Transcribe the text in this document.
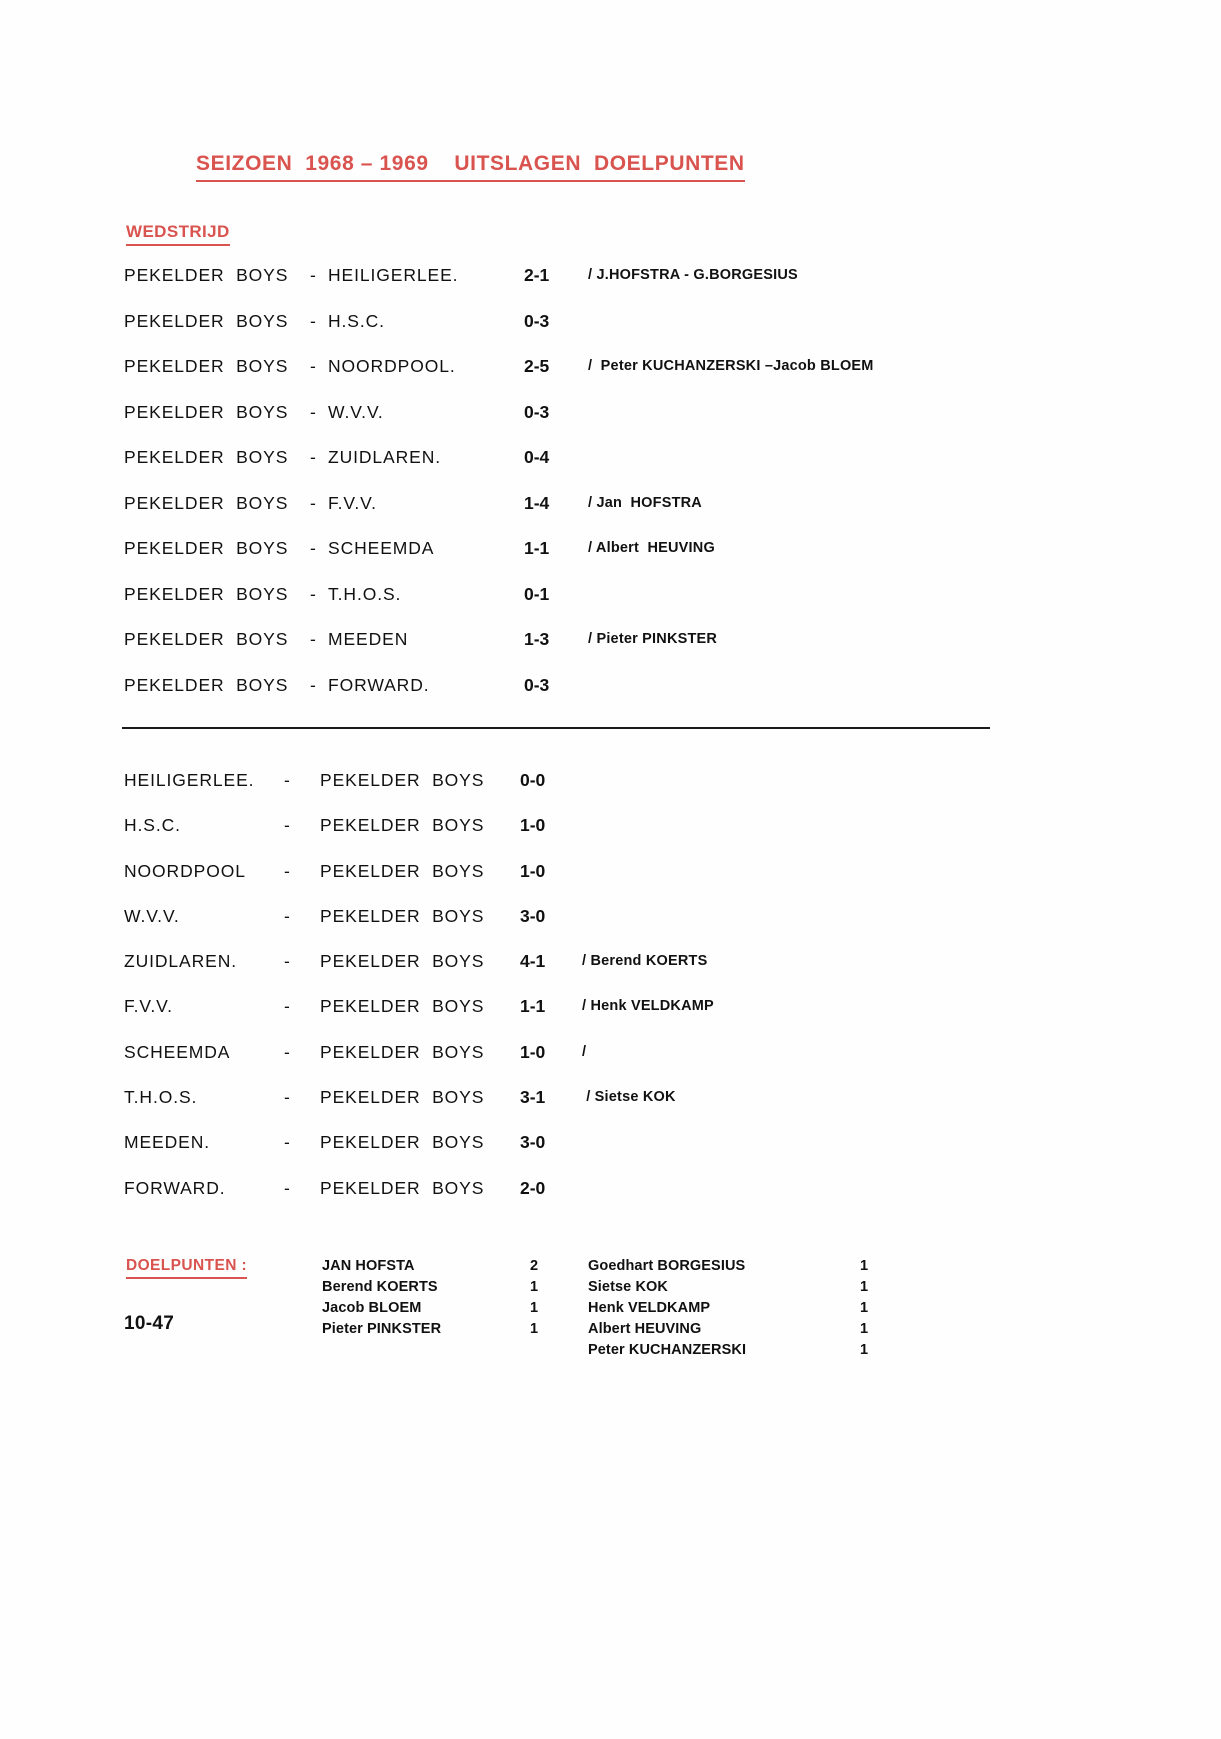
SEIZOEN  1968 – 1969    UITSLAGEN  DOELPUNTEN
WEDSTRIJD
PEKELDER  BOYS - HEILIGERLEE.	2-1	/ J.HOFSTRA - G.BORGESIUS
PEKELDER  BOYS - H.S.C.	0-3
PEKELDER  BOYS - NOORDPOOL.	2-5	/  Peter KUCHANZERSKI –Jacob BLOEM
PEKELDER  BOYS - W.V.V.	0-3
PEKELDER  BOYS - ZUIDLAREN.	0-4
PEKELDER  BOYS - F.V.V.	1-4	/ Jan  HOFSTRA
PEKELDER  BOYS - SCHEEMDA	1-1	/ Albert  HEUVING
PEKELDER  BOYS - T.H.O.S.	0-1
PEKELDER  BOYS - MEEDEN	1-3	/ Pieter PINKSTER
PEKELDER  BOYS - FORWARD.	0-3
HEILIGERLEE. - PEKELDER  BOYS 0-0
H.S.C.	- PEKELDER  BOYS 1-0
NOORDPOOL - PEKELDER  BOYS 1-0
W.V.V.	- PEKELDER  BOYS 3-0
ZUIDLAREN.	- PEKELDER  BOYS 4-1	/ Berend KOERTS
F.V.V.	- PEKELDER  BOYS 1-1	/ Henk VELDKAMP
SCHEEMDA	- PEKELDER  BOYS 1-0	/
T.H.O.S.	- PEKELDER  BOYS 3-1	/ Sietse KOK
MEEDEN.	- PEKELDER  BOYS 3-0
FORWARD.	- PEKELDER  BOYS 2-0
DOELPUNTEN :
10-47
JAN HOFSTA	2
Berend KOERTS	1
Jacob BLOEM	1
Pieter PINKSTER	1
Goedhart BORGESIUS	1
Sietse KOK	1
Henk VELDKAMP	1
Albert HEUVING	1
Peter KUCHANZERSKI	1
